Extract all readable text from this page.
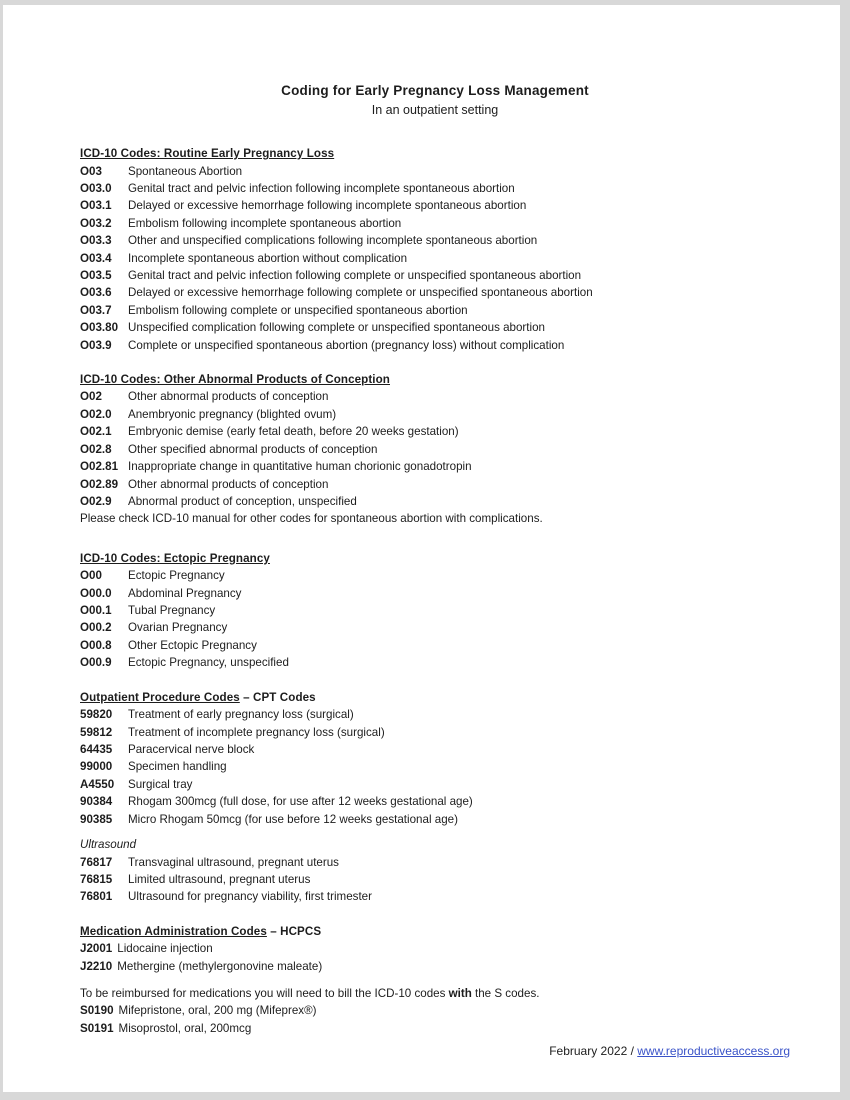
Coding for Early Pregnancy Loss Management
In an outpatient setting
ICD-10 Codes: Routine Early Pregnancy Loss
O03 Spontaneous Abortion
O03.0 Genital tract and pelvic infection following incomplete spontaneous abortion
O03.1 Delayed or excessive hemorrhage following incomplete spontaneous abortion
O03.2 Embolism following incomplete spontaneous abortion
O03.3 Other and unspecified complications following incomplete spontaneous abortion
O03.4 Incomplete spontaneous abortion without complication
O03.5 Genital tract and pelvic infection following complete or unspecified spontaneous abortion
O03.6 Delayed or excessive hemorrhage following complete or unspecified spontaneous abortion
O03.7 Embolism following complete or unspecified spontaneous abortion
O03.80 Unspecified complication following complete or unspecified spontaneous abortion
O03.9 Complete or unspecified spontaneous abortion (pregnancy loss) without complication
ICD-10 Codes: Other Abnormal Products of Conception
O02 Other abnormal products of conception
O02.0 Anembryonic pregnancy (blighted ovum)
O02.1 Embryonic demise (early fetal death, before 20 weeks gestation)
O02.8 Other specified abnormal products of conception
O02.81 Inappropriate change in quantitative human chorionic gonadotropin
O02.89 Other abnormal products of conception
O02.9 Abnormal product of conception, unspecified

Please check ICD-10 manual for other codes for spontaneous abortion with complications.

ICD-10 Codes: Ectopic Pregnancy
O00 Ectopic Pregnancy
O00.0 Abdominal Pregnancy
O00.1 Tubal Pregnancy
O00.2 Ovarian Pregnancy
O00.8 Other Ectopic Pregnancy
O00.9 Ectopic Pregnancy, unspecified
Outpatient Procedure Codes – CPT Codes
59820 Treatment of early pregnancy loss (surgical)
59812 Treatment of incomplete pregnancy loss (surgical)
64435 Paracervical nerve block
99000 Specimen handling
A4550 Surgical tray
90384 Rhogam 300mcg (full dose, for use after 12 weeks gestational age)
90385 Micro Rhogam 50mcg (for use before 12 weeks gestational age)
Ultrasound
76817 Transvaginal ultrasound, pregnant uterus
76815 Limited ultrasound, pregnant uterus
76801 Ultrasound for pregnancy viability, first trimester
Medication Administration Codes – HCPCS
J2001 Lidocaine injection
J2210 Methergine (methylergonovine maleate)

To be reimbursed for medications you will need to bill the ICD-10 codes with the S codes.

S0190 Mifepristone, oral, 200 mg (Mifeprex®)
S0191 Misoprostol, oral, 200mcg
February 2022 / www.reproductiveaccess.org
